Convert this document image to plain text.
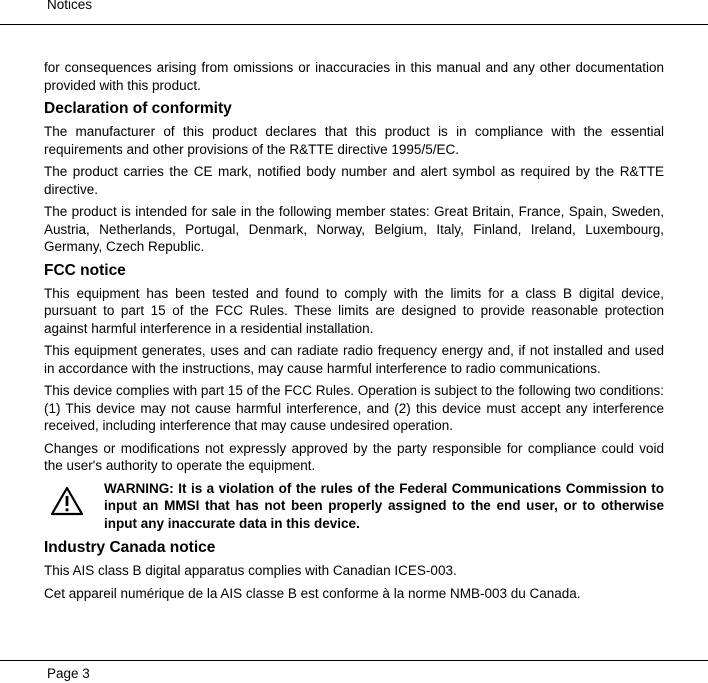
Notices

for consequences arising from omissions or inaccuracies in this manual and any other documentation provided with this product.

Declaration of conformity

The manufacturer of this product declares that this product is in compliance with the essential requirements and other provisions of the R&TTE directive 1995/5/EC.

The product carries the CE mark, notified body number and alert symbol as required by the R&TTE directive.

The product is intended for sale in the following member states: Great Britain, France, Spain, Sweden, Austria, Netherlands, Portugal, Denmark, Norway, Belgium, Italy, Finland, Ireland, Luxembourg, Germany, Czech Republic.

FCC notice

This equipment has been tested and found to comply with the limits for a class B digital device, pursuant to part 15 of the FCC Rules. These limits are designed to provide reasonable protection against harmful interference in a residential installation.

This equipment generates, uses and can radiate radio frequency energy and, if not installed and used in accordance with the instructions, may cause harmful interference to radio communications.

This device complies with part 15 of the FCC Rules. Operation is subject to the following two conditions: (1) This device may not cause harmful interference, and (2) this device must accept any interference received, including interference that may cause undesired operation.

Changes or modifications not expressly approved by the party responsible for compliance could void the user's authority to operate the equipment.

WARNING: It is a violation of the rules of the Federal Communications Commission to input an MMSI that has not been properly assigned to the end user, or to otherwise input any inaccurate data in this device.
Industry Canada notice

This AIS class B digital apparatus complies with Canadian ICES-003.

Cet appareil numérique de la AIS classe B est conforme à la norme NMB-003 du Canada.

Page 3
